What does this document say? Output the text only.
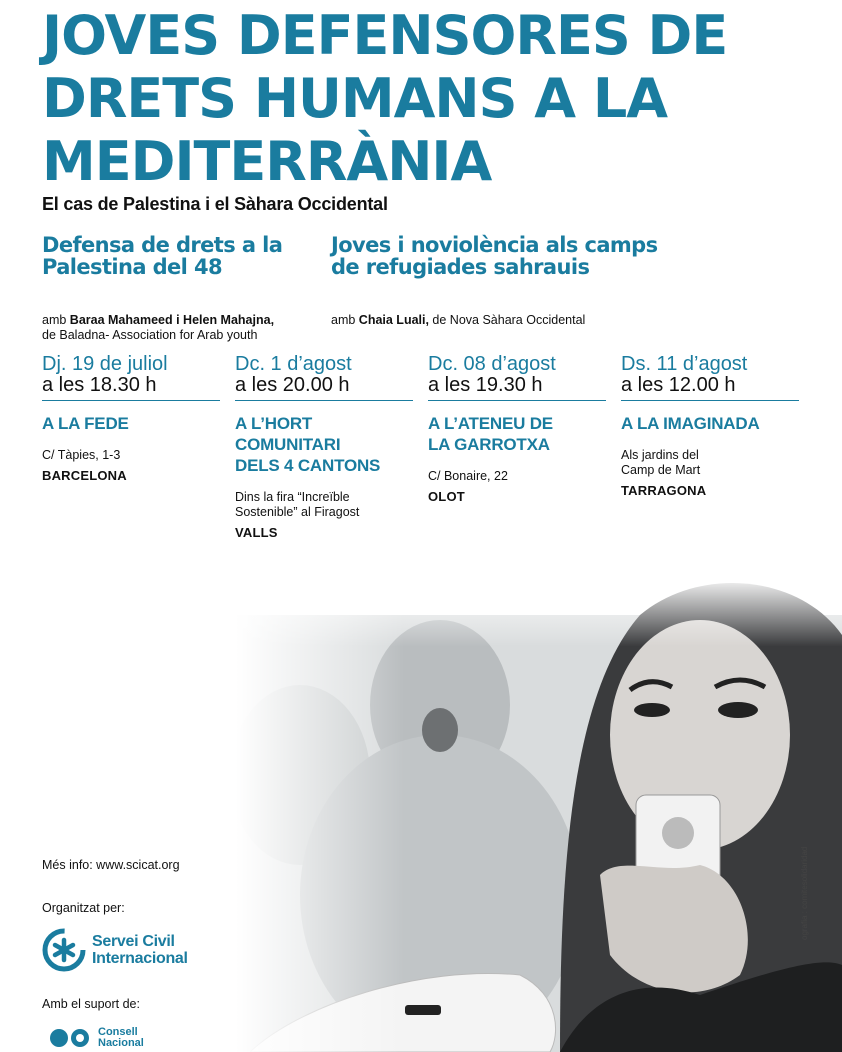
JOVES DEFENSORES DE
DRETS HUMANS A LA
MEDITERRÀNIA

El cas de Palestina i el Sàhara Occidental

Defensa de drets a la
Palestina del 48
amb Baraa Mahameed i Helen Mahajna,
de Baladna- Association for Arab youth
Joves i noviolència als camps
de refugiades sahrauis
amb Chaia Luali, de Nova Sàhara Occidental
Dj. 19 de juliol
a les 18.30 h
A LA FEDE
C/ Tàpies, 1-3
BARCELONA
Dc. 1 d’agost
a les 20.00 h
A L’HORT
COMUNITARI
DELS 4 CANTONS
Dins la fira “Increïble
Sostenible” al Firagost
VALLS
Dc. 08 d’agost
a les 19.30 h
A L’ATENEU DE
LA GARROTXA
C/ Bonaire, 22
OLOT
Ds. 11 d’agost
a les 12.00 h
A LA IMAGINADA
Als jardins del
Camp de Mart
TARRAGONA
Més info: www.scicat.org
Organitzat per:
Servei Civil
Internacional
Amb el suport de:
Consell
Nacional
ografia : comitesolidaridad
